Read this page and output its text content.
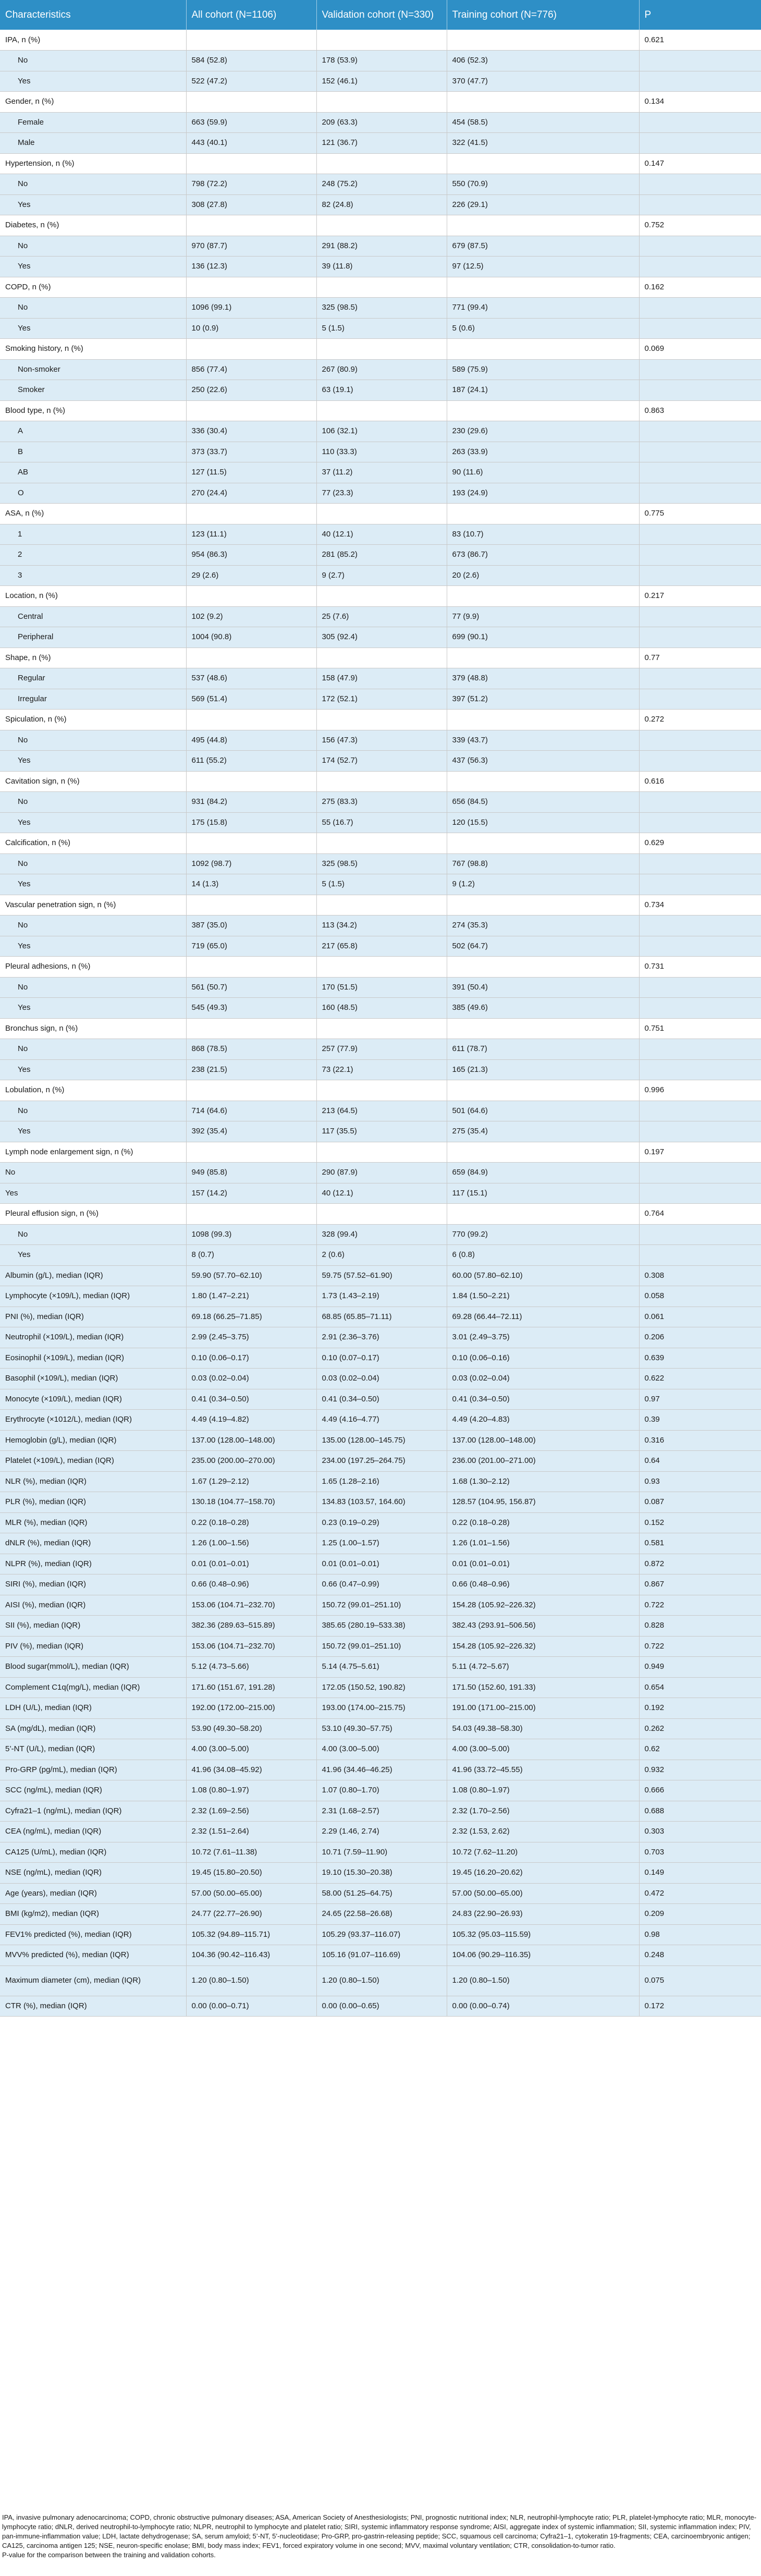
Characteristics	All cohort (N=1106)	Validation cohort (N=330)	Training cohort (N=776)	P
IPA, n (%)				0.621
No	584 (52.8)	178 (53.9)	406 (52.3)	
Yes	522 (47.2)	152 (46.1)	370 (47.7)	
Gender, n (%)				0.134
Female	663 (59.9)	209 (63.3)	454 (58.5)	
Male	443 (40.1)	121 (36.7)	322 (41.5)	
Hypertension, n (%)				0.147
No	798 (72.2)	248 (75.2)	550 (70.9)	
Yes	308 (27.8)	82 (24.8)	226 (29.1)	
Diabetes, n (%)				0.752
No	970 (87.7)	291 (88.2)	679 (87.5)	
Yes	136 (12.3)	39 (11.8)	97 (12.5)	
COPD, n (%)				0.162
No	1096 (99.1)	325 (98.5)	771 (99.4)	
Yes	10 (0.9)	5 (1.5)	5 (0.6)	
Smoking history, n (%)				0.069
Non-smoker	856 (77.4)	267 (80.9)	589 (75.9)	
Smoker	250 (22.6)	63 (19.1)	187 (24.1)	
Blood type, n (%)				0.863
A	336 (30.4)	106 (32.1)	230 (29.6)	
B	373 (33.7)	110 (33.3)	263 (33.9)	
AB	127 (11.5)	37 (11.2)	90 (11.6)	
O	270 (24.4)	77 (23.3)	193 (24.9)	
ASA, n (%)				0.775
1	123 (11.1)	40 (12.1)	83 (10.7)	
2	954 (86.3)	281 (85.2)	673 (86.7)	
3	29 (2.6)	9 (2.7)	20 (2.6)	
Location, n (%)				0.217
Central	102 (9.2)	25 (7.6)	77 (9.9)	
Peripheral	1004 (90.8)	305 (92.4)	699 (90.1)	
Shape, n (%)				0.77
Regular	537 (48.6)	158 (47.9)	379 (48.8)	
Irregular	569 (51.4)	172 (52.1)	397 (51.2)	
Spiculation, n (%)				0.272
No	495 (44.8)	156 (47.3)	339 (43.7)	
Yes	611 (55.2)	174 (52.7)	437 (56.3)	
Cavitation sign, n (%)				0.616
No	931 (84.2)	275 (83.3)	656 (84.5)	
Yes	175 (15.8)	55 (16.7)	120 (15.5)	
Calcification, n (%)				0.629
No	1092 (98.7)	325 (98.5)	767 (98.8)	
Yes	14 (1.3)	5 (1.5)	9 (1.2)	
Vascular penetration sign, n (%)				0.734
No	387 (35.0)	113 (34.2)	274 (35.3)	
Yes	719 (65.0)	217 (65.8)	502 (64.7)	
Pleural adhesions, n (%)				0.731
No	561 (50.7)	170 (51.5)	391 (50.4)	
Yes	545 (49.3)	160 (48.5)	385 (49.6)	
Bronchus sign, n (%)				0.751
No	868 (78.5)	257 (77.9)	611 (78.7)	
Yes	238 (21.5)	73 (22.1)	165 (21.3)	
Lobulation, n (%)				0.996
No	714 (64.6)	213 (64.5)	501 (64.6)	
Yes	392 (35.4)	117 (35.5)	275 (35.4)	
Lymph node enlargement sign, n (%)				0.197
No	949 (85.8)	290 (87.9)	659 (84.9)	
Yes	157 (14.2)	40 (12.1)	117 (15.1)	
Pleural effusion sign, n (%)				0.764
No	1098 (99.3)	328 (99.4)	770 (99.2)	
Yes	8 (0.7)	2 (0.6)	6 (0.8)	
Albumin (g/L), median (IQR)	59.90 (57.70–62.10)	59.75 (57.52–61.90)	60.00 (57.80–62.10)	0.308
Lymphocyte (×109/L), median (IQR)	1.80 (1.47–2.21)	1.73 (1.43–2.19)	1.84 (1.50–2.21)	0.058
PNI (%), median (IQR)	69.18 (66.25–71.85)	68.85 (65.85–71.11)	69.28 (66.44–72.11)	0.061
Neutrophil (×109/L), median (IQR)	2.99 (2.45–3.75)	2.91 (2.36–3.76)	3.01 (2.49–3.75)	0.206
Eosinophil (×109/L), median (IQR)	0.10 (0.06–0.17)	0.10 (0.07–0.17)	0.10 (0.06–0.16)	0.639
Basophil (×109/L), median (IQR)	0.03 (0.02–0.04)	0.03 (0.02–0.04)	0.03 (0.02–0.04)	0.622
Monocyte (×109/L), median (IQR)	0.41 (0.34–0.50)	0.41 (0.34–0.50)	0.41 (0.34–0.50)	0.97
Erythrocyte (×1012/L), median (IQR)	4.49 (4.19–4.82)	4.49 (4.16–4.77)	4.49 (4.20–4.83)	0.39
Hemoglobin (g/L), median (IQR)	137.00 (128.00–148.00)	135.00 (128.00–145.75)	137.00 (128.00–148.00)	0.316
Platelet (×109/L), median (IQR)	235.00 (200.00–270.00)	234.00 (197.25–264.75)	236.00 (201.00–271.00)	0.64
NLR (%), median (IQR)	1.67 (1.29–2.12)	1.65 (1.28–2.16)	1.68 (1.30–2.12)	0.93
PLR (%), median (IQR)	130.18 (104.77–158.70)	134.83 (103.57, 164.60)	128.57 (104.95, 156.87)	0.087
MLR (%), median (IQR)	0.22 (0.18–0.28)	0.23 (0.19–0.29)	0.22 (0.18–0.28)	0.152
dNLR (%), median (IQR)	1.26 (1.00–1.56)	1.25 (1.00–1.57)	1.26 (1.01–1.56)	0.581
NLPR (%), median (IQR)	0.01 (0.01–0.01)	0.01 (0.01–0.01)	0.01 (0.01–0.01)	0.872
SIRI (%), median (IQR)	0.66 (0.48–0.96)	0.66 (0.47–0.99)	0.66 (0.48–0.96)	0.867
AISI (%), median (IQR)	153.06 (104.71–232.70)	150.72 (99.01–251.10)	154.28 (105.92–226.32)	0.722
SII (%), median (IQR)	382.36 (289.63–515.89)	385.65 (280.19–533.38)	382.43 (293.91–506.56)	0.828
PIV (%), median (IQR)	153.06 (104.71–232.70)	150.72 (99.01–251.10)	154.28 (105.92–226.32)	0.722
Blood sugar(mmol/L), median (IQR)	5.12 (4.73–5.66)	5.14 (4.75–5.61)	5.11 (4.72–5.67)	0.949
Complement C1q(mg/L), median (IQR)	171.60 (151.67, 191.28)	172.05 (150.52, 190.82)	171.50 (152.60, 191.33)	0.654
LDH (U/L), median (IQR)	192.00 (172.00–215.00)	193.00 (174.00–215.75)	191.00 (171.00–215.00)	0.192
SA (mg/dL), median (IQR)	53.90 (49.30–58.20)	53.10 (49.30–57.75)	54.03 (49.38–58.30)	0.262
5’-NT (U/L), median (IQR)	4.00 (3.00–5.00)	4.00 (3.00–5.00)	4.00 (3.00–5.00)	0.62
Pro-GRP (pg/mL), median (IQR)	41.96 (34.08–45.92)	41.96 (34.46–46.25)	41.96 (33.72–45.55)	0.932
SCC (ng/mL), median (IQR)	1.08 (0.80–1.97)	1.07 (0.80–1.70)	1.08 (0.80–1.97)	0.666
Cyfra21–1 (ng/mL), median (IQR)	2.32 (1.69–2.56)	2.31 (1.68–2.57)	2.32 (1.70–2.56)	0.688
CEA (ng/mL), median (IQR)	2.32 (1.51–2.64)	2.29 (1.46, 2.74)	2.32 (1.53, 2.62)	0.303
CA125 (U/mL), median (IQR)	10.72 (7.61–11.38)	10.71 (7.59–11.90)	10.72 (7.62–11.20)	0.703
NSE (ng/mL), median (IQR)	19.45 (15.80–20.50)	19.10 (15.30–20.38)	19.45 (16.20–20.62)	0.149
Age (years), median (IQR)	57.00 (50.00–65.00)	58.00 (51.25–64.75)	57.00 (50.00–65.00)	0.472
BMI (kg/m2), median (IQR)	24.77 (22.77–26.90)	24.65 (22.58–26.68)	24.83 (22.90–26.93)	0.209
FEV1% predicted (%), median (IQR)	105.32 (94.89–115.71)	105.29 (93.37–116.07)	105.32 (95.03–115.59)	0.98
MVV% predicted (%), median (IQR)	104.36 (90.42–116.43)	105.16 (91.07–116.69)	104.06 (90.29–116.35)	0.248
Maximum diameter (cm), median (IQR)	1.20 (0.80–1.50)	1.20 (0.80–1.50)	1.20 (0.80–1.50)	0.075
CTR (%), median (IQR)	0.00 (0.00–0.71)	0.00 (0.00–0.65)	0.00 (0.00–0.74)	0.172

IPA, invasive pulmonary adenocarcinoma; COPD, chronic obstructive pulmonary diseases; ASA, American Society of Anesthesiologists; PNI, prognostic nutritional index; NLR, neutrophil-lymphocyte ratio; PLR, platelet-lymphocyte ratio; MLR, monocyte-lymphocyte ratio; dNLR, derived neutrophil-to-lymphocyte ratio; NLPR, neutrophil to lymphocyte and platelet ratio; SIRI, systemic inflammatory response syndrome; AISI, aggregate index of systemic inflammation; SII, systemic inflammation index; PIV, pan-immune-inflammation value; LDH, lactate dehydrogenase; SA, serum amyloid; 5’-NT, 5’-nucleotidase; Pro-GRP, pro-gastrin-releasing peptide; SCC, squamous cell carcinoma; Cyfra21–1, cytokeratin 19-fragments; CEA, carcinoembryonic antigen; CA125, carcinoma antigen 125; NSE, neuron-specific enolase; BMI, body mass index; FEV1, forced expiratory volume in one second; MVV, maximal voluntary ventilation; CTR, consolidation-to-tumor ratio.

P-value for the comparison between the training and validation cohorts.
